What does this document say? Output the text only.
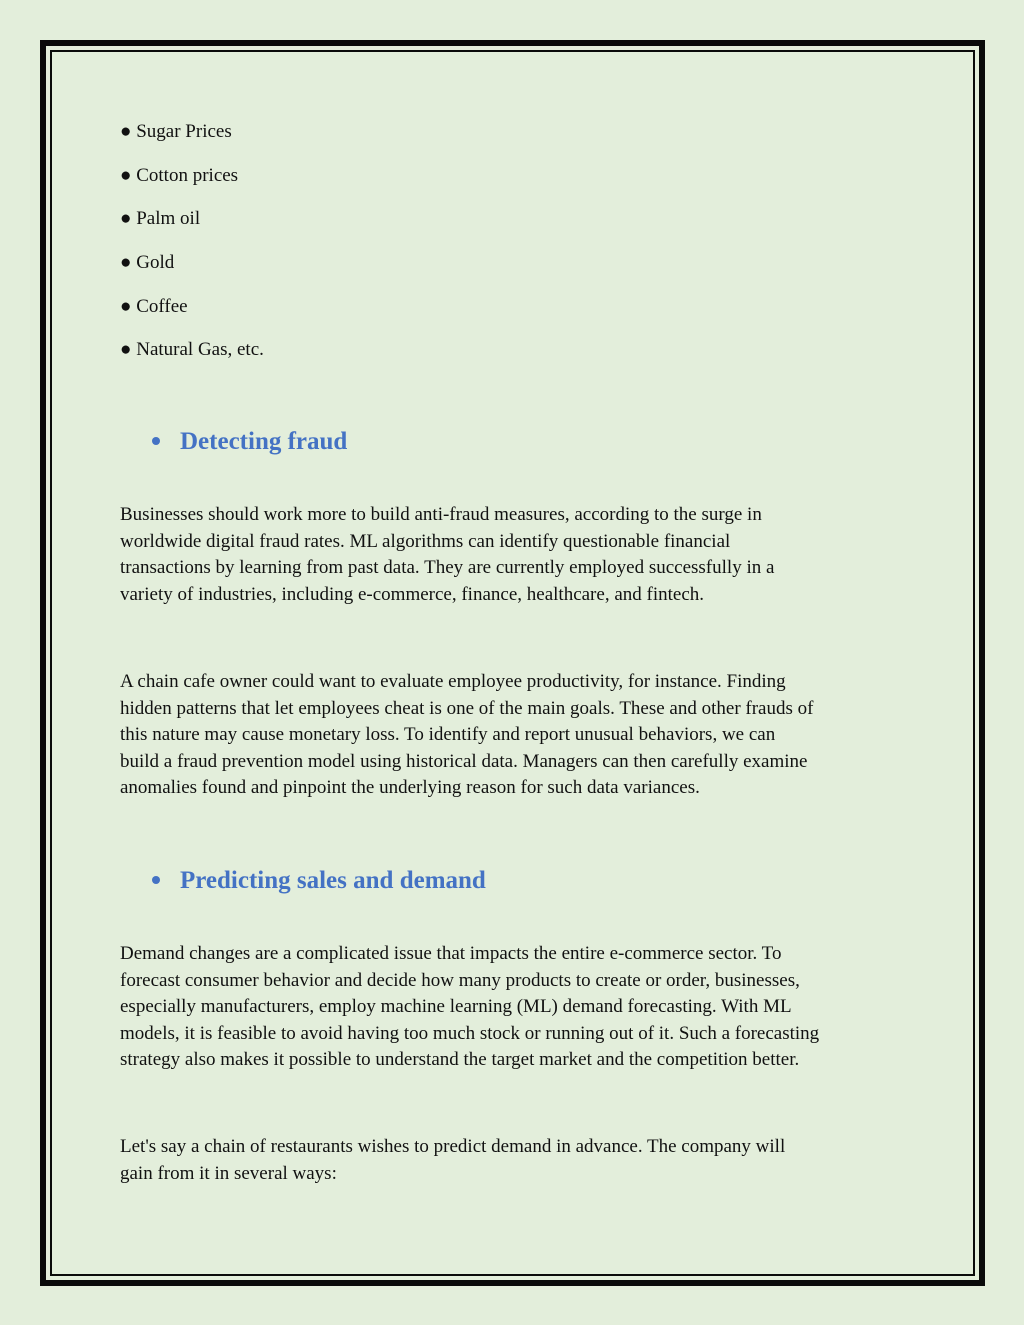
● Sugar Prices
● Cotton prices
● Palm oil
● Gold
● Coffee
● Natural Gas, etc.
Detecting fraud

Businesses should work more to build anti-fraud measures, according to the surge in
worldwide digital fraud rates. ML algorithms can identify questionable financial
transactions by learning from past data. They are currently employed successfully in a
variety of industries, including e-commerce, finance, healthcare, and fintech.

A chain cafe owner could want to evaluate employee productivity, for instance. Finding
hidden patterns that let employees cheat is one of the main goals. These and other frauds of
this nature may cause monetary loss. To identify and report unusual behaviors, we can
build a fraud prevention model using historical data. Managers can then carefully examine
anomalies found and pinpoint the underlying reason for such data variances.

Predicting sales and demand

Demand changes are a complicated issue that impacts the entire e-commerce sector. To
forecast consumer behavior and decide how many products to create or order, businesses,
especially manufacturers, employ machine learning (ML) demand forecasting. With ML
models, it is feasible to avoid having too much stock or running out of it. Such a forecasting
strategy also makes it possible to understand the target market and the competition better.

Let's say a chain of restaurants wishes to predict demand in advance. The company will
gain from it in several ways:
